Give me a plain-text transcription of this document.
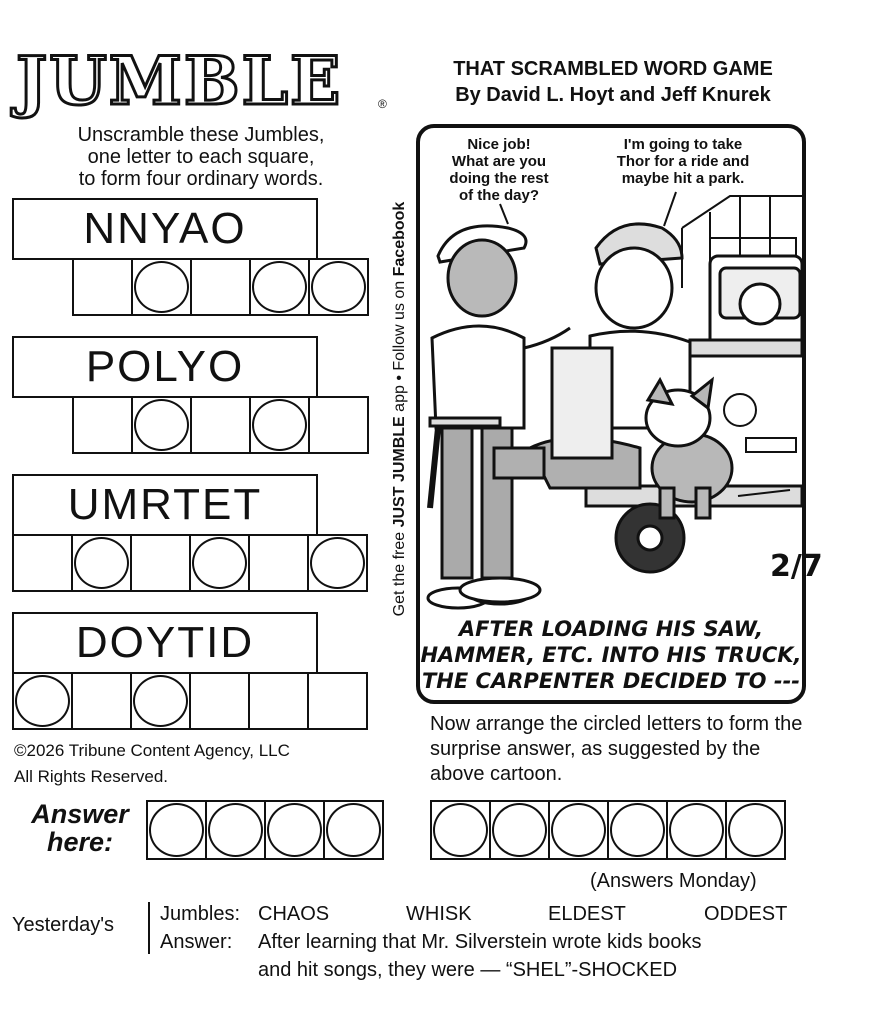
JUMBLE	®
THAT SCRAMBLED WORD GAME
By David L. Hoyt and Jeff Knurek
Unscramble these Jumbles,
one letter to each square,
to form four ordinary words.
NNYAO
POLYO
UMRTET
DOYTID
Get the free JUST JUMBLE app • Follow us on Facebook
2/7
Nice job!
What are you
doing the rest
of the day?
I'm going to take
Thor for a ride and
maybe hit a park.
AFTER LOADING HIS SAW,
HAMMER, ETC. INTO HIS TRUCK,
THE CARPENTER DECIDED TO ---
Now arrange the circled letters to form the surprise answer, as suggested by the above cartoon.
©2026 Tribune Content Agency, LLC
All Rights Reserved.
Answer here:
(Answers Monday)
Yesterday's Jumbles: CHAOS	WHISK	ELDEST	ODDEST
Answer:	After learning that Mr. Silverstein wrote kids books
and hit songs, they were — “SHEL”-SHOCKED
